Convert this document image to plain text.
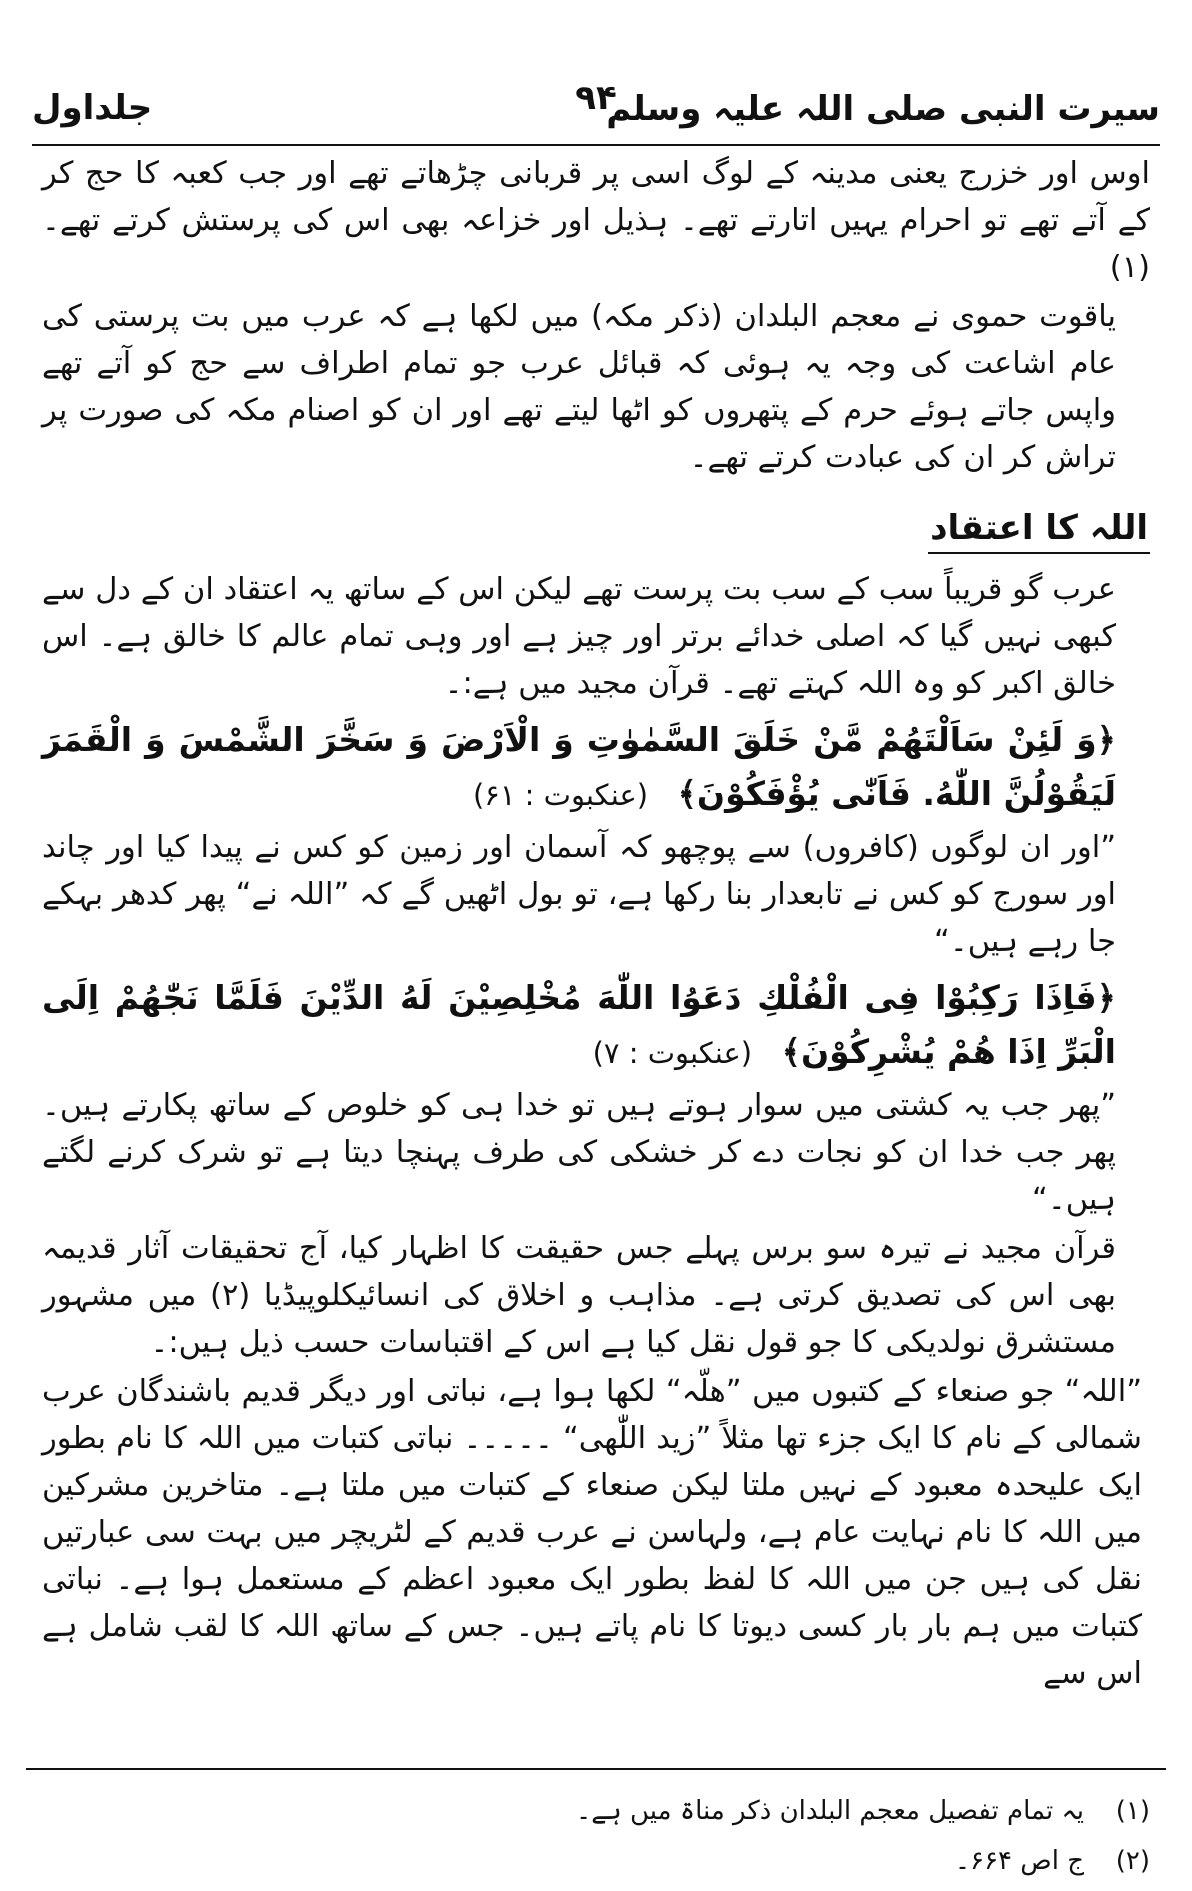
سیرت النبی صلی اللہ علیہ وسلم
۹۴
جلداول

اوس اور خزرج یعنی مدینہ کے لوگ اسی پر قربانی چڑھاتے تھے اور جب کعبہ کا حج کر کے آتے تھے تو احرام یہیں اتارتے تھے۔ ہذیل اور خزاعہ بھی اس کی پرستش کرتے تھے۔ (۱)

یاقوت حموی نے معجم البلدان (ذکر مکہ) میں لکھا ہے کہ عرب میں بت پرستی کی عام اشاعت کی وجہ یہ ہوئی کہ قبائل عرب جو تمام اطراف سے حج کو آتے تھے واپس جاتے ہوئے حرم کے پتھروں کو اٹھا لیتے تھے اور ان کو اصنام مکہ کی صورت پر تراش کر ان کی عبادت کرتے تھے۔

اللہ کا اعتقاد

عرب گو قریباً سب کے سب بت پرست تھے لیکن اس کے ساتھ یہ اعتقاد ان کے دل سے کبھی نہیں گیا کہ اصلی خدائے برتر اور چیز ہے اور وہی تمام عالم کا خالق ہے۔ اس خالق اکبر کو وہ اللہ کہتے تھے۔ قرآن مجید میں ہے:۔

﴿وَ لَئِنْ سَاَلْتَهُمْ مَّنْ خَلَقَ السَّمٰوٰتِ وَ الْاَرْضَ وَ سَخَّرَ الشَّمْسَ وَ الْقَمَرَ لَيَقُوْلُنَّ اللّٰهُ. فَاَنّٰى يُؤْفَكُوْنَ﴾ (عنکبوت : ۶۱)

”اور ان لوگوں (کافروں) سے پوچھو کہ آسمان اور زمین کو کس نے پیدا کیا اور چاند اور سورج کو کس نے تابعدار بنا رکھا ہے، تو بول اٹھیں گے کہ ”اللہ نے“ پھر کدھر بہکے جا رہے ہیں۔“

﴿فَاِذَا رَكِبُوْا فِى الْفُلْكِ دَعَوُا اللّٰهَ مُخْلِصِيْنَ لَهُ الدِّيْنَ فَلَمَّا نَجّٰهُمْ اِلَى الْبَرِّ اِذَا هُمْ يُشْرِكُوْنَ﴾ (عنکبوت : ۷)

”پھر جب یہ کشتی میں سوار ہوتے ہیں تو خدا ہی کو خلوص کے ساتھ پکارتے ہیں۔ پھر جب خدا ان کو نجات دے کر خشکی کی طرف پہنچا دیتا ہے تو شرک کرنے لگتے ہیں۔“

قرآن مجید نے تیرہ سو برس پہلے جس حقیقت کا اظہار کیا، آج تحقیقات آثار قدیمہ بھی اس کی تصدیق کرتی ہے۔ مذاہب و اخلاق کی انسائیکلوپیڈیا (۲) میں مشہور مستشرق نولدیکی کا جو قول نقل کیا ہے اس کے اقتباسات حسب ذیل ہیں:۔

”اللہ“ جو صنعاء کے کتبوں میں ”ھلّہ“ لکھا ہوا ہے، نباتی اور دیگر قدیم باشندگان عرب شمالی کے نام کا ایک جزء تھا مثلاً ”زید اللّٰھی“ ۔۔۔۔۔ نباتی کتبات میں اللہ کا نام بطور ایک علیحدہ معبود کے نہیں ملتا لیکن صنعاء کے کتبات میں ملتا ہے۔ متاخرین مشرکین میں اللہ کا نام نہایت عام ہے، ولہاسن نے عرب قدیم کے لٹریچر میں بہت سی عبارتیں نقل کی ہیں جن میں اللہ کا لفظ بطور ایک معبود اعظم کے مستعمل ہوا ہے۔ نباتی کتبات میں ہم بار بار کسی دیوتا کا نام پاتے ہیں۔ جس کے ساتھ اللہ کا لقب شامل ہے اس سے

(۱)
یہ تمام تفصیل معجم البلدان ذکر مناۃ میں ہے۔
(۲)
ج اص ۶۶۴۔
